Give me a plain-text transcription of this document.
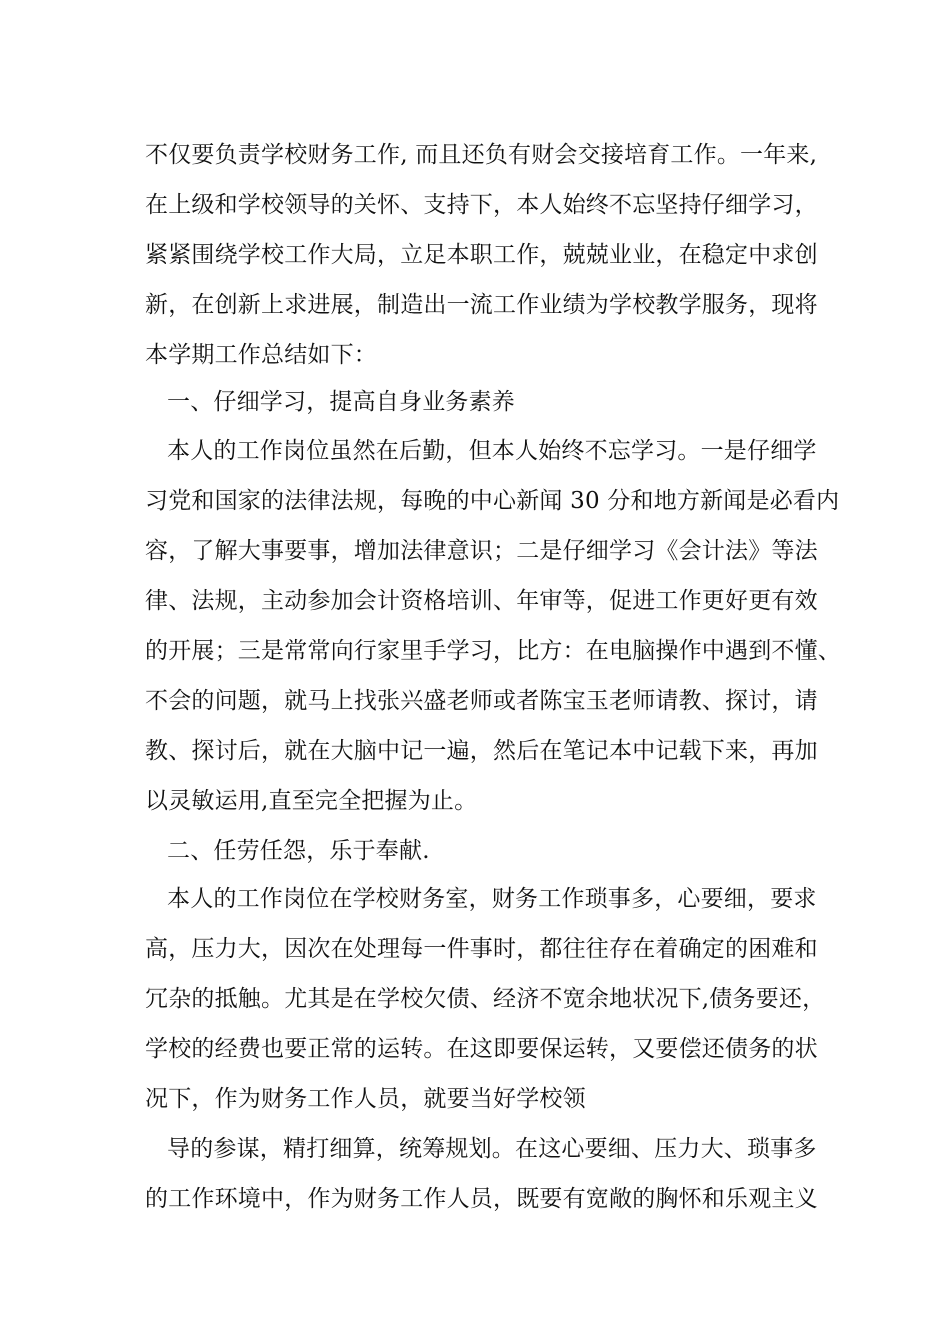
不仅要负责学校财务工作, 而且还负有财会交接培育工作。一年来,
在上级和学校领导的关怀、支持下，本人始终不忘坚持仔细学习，
紧紧围绕学校工作大局，立足本职工作，兢兢业业，在稳定中求创
新，在创新上求进展，制造出一流工作业绩为学校教学服务，现将
本学期工作总结如下：
一、仔细学习，提高自身业务素养
本人的工作岗位虽然在后勤，但本人始终不忘学习。一是仔细学
习党和国家的法律法规，每晚的中心新闻 30 分和地方新闻是必看内
容，了解大事要事，增加法律意识；二是仔细学习《会计法》等法
律、法规，主动参加会计资格培训、年审等，促进工作更好更有效
的开展；三是常常向行家里手学习，比方：在电脑操作中遇到不懂、
不会的问题，就马上找张兴盛老师或者陈宝玉老师请教、探讨，请
教、探讨后，就在大脑中记一遍，然后在笔记本中记载下来，再加
以灵敏运用,直至完全把握为止。
二、任劳任怨，乐于奉献.
本人的工作岗位在学校财务室，财务工作琐事多，心要细，要求
高，压力大，因次在处理每一件事时，都往往存在着确定的困难和
冗杂的抵触。尤其是在学校欠债、经济不宽余地状况下,债务要还，
学校的经费也要正常的运转。在这即要保运转，又要偿还债务的状
况下，作为财务工作人员，就要当好学校领
导的参谋，精打细算，统筹规划。在这心要细、压力大、琐事多
的工作环境中，作为财务工作人员，既要有宽敞的胸怀和乐观主义
